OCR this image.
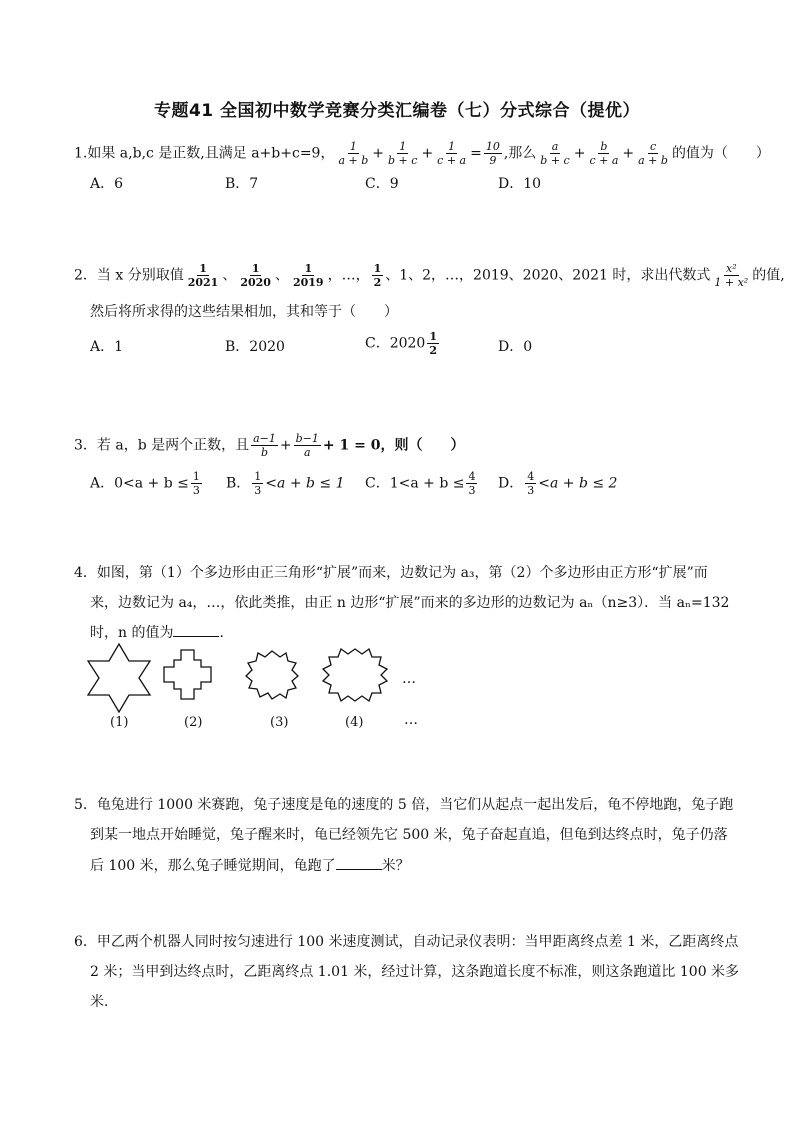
专题41 全国初中数学竞赛分类汇编卷（七）分式综合（提优）
1.如果 a,b,c 是正数,且满足 a+b+c=9， $\frac{1}{a + b} + \frac{1}{b + c} + \frac{1}{c + a} = \frac{10}{9}$ ,那么 $\frac{a}{b + c} + \frac{b}{c + a} + \frac{c}{a + b}$ 的值为（　　）
A．6	B．7	C．9	D．10
2．当 x 分别取值 $\frac{1}{2021}$ 、 $\frac{1}{2020}$ 、 $\frac{1}{2019}$ ，…， $\frac{1}{2}$ 、1、2，…，2019、2020、2021 时，求出代数式 $\frac{\text{x²}}{\text{1 + x²}}$ 的值,
然后将所求得的这些结果相加，其和等于（　　）
A．1	B．2020	C．$2020 \frac{1}{2}$	D．0
3．若 a，b 是两个正数，且 $\frac{a-1}{b} + \frac{b-1}{a} + 1 = 0$，则（　　）
A．$0<a + b \le \frac{1}{3}$ B． $\frac{1}{3} <a + b \le 1$ C．$1<a + b \le \frac{4}{3}$ D． $\frac{4}{3} <a + b \le 2$
4．如图，第（1）个多边形由正三角形“扩展”而来，边数记为 a₃，第（2）个多边形由正方形“扩展”而
来，边数记为 a₄，…，依此类推，由正 n 边形“扩展”而来的多边形的边数记为 aₙ（n≥3）．当 aₙ=132
时，n 的值为	．
…
(1)	(2)	(3)	(4)	…
5．龟兔进行 1000 米赛跑，兔子速度是龟的速度的 5 倍，当它们从起点一起出发后，龟不停地跑，兔子跑
到某一地点开始睡觉，兔子醒来时，龟已经领先它 500 米，兔子奋起直追，但龟到达终点时，兔子仍落
后 100 米，那么兔子睡觉期间，龟跑了	米？
6．甲乙两个机器人同时按匀速进行 100 米速度测试，自动记录仪表明：当甲距离终点差 1 米，乙距离终点
2 米；当甲到达终点时，乙距离终点 1.01 米，经过计算，这条跑道长度不标准，则这条跑道比 100 米多
米．
